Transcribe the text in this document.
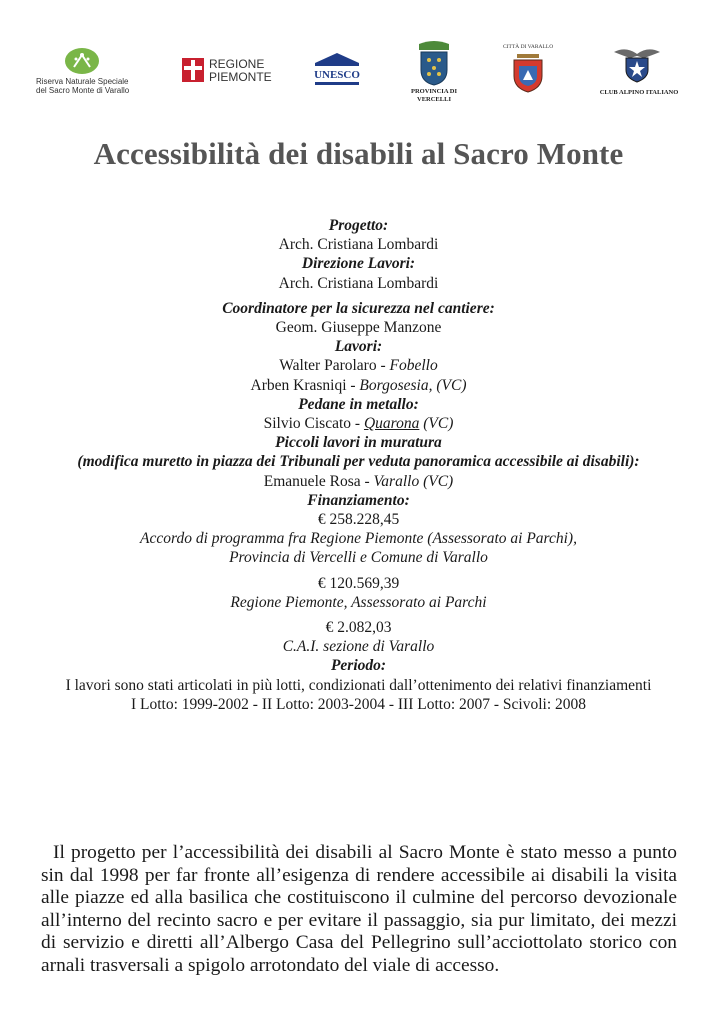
Riserva Naturale Speciale
del Sacro Monte di Varallo
REGIONE
PIEMONTE	UNESCO
PROVINCIA DI
VERCELLI
CITTÀ DI VARALLO
CLUB ALPINO ITALIANO
Accessibilità dei disabili al Sacro Monte
Progetto:
Arch. Cristiana Lombardi
Direzione Lavori:
Arch. Cristiana Lombardi
Coordinatore per la sicurezza nel cantiere:
Geom. Giuseppe Manzone
Lavori:
Walter Parolaro - Fobello
Arben Krasniqi - Borgosesia, (VC)
Pedane in metallo:
Silvio Ciscato - Quarona (VC)
Piccoli lavori in muratura
(modifica muretto in piazza dei Tribunali per veduta panoramica accessibile ai disabili):
Emanuele Rosa - Varallo (VC)
Finanziamento:
€ 258.228,45
Accordo di programma fra Regione Piemonte (Assessorato ai Parchi),
Provincia di Vercelli e Comune di Varallo
€ 120.569,39
Regione Piemonte, Assessorato ai Parchi
€ 2.082,03
C.A.I. sezione di Varallo
Periodo:
I lavori sono stati articolati in più lotti, condizionati dall’ottenimento dei relativi finanziamenti
I Lotto: 1999-2002 - II Lotto: 2003-2004 - III Lotto: 2007 - Scivoli: 2008
Il progetto per l’accessibilità dei disabili al Sacro Monte è stato messo a punto sin dal 1998 per far fronte all’esigenza di rendere accessibile ai disabili la visita alle piazze ed alla basilica che costituiscono il culmine del percorso devozionale all’interno del recinto sacro e per evitare il passaggio, sia pur limitato, dei mezzi di servizio e diretti all’Albergo Casa del Pellegrino sull’acciottolato storico con arnali trasversali a spigolo arrotondato del viale di accesso.
